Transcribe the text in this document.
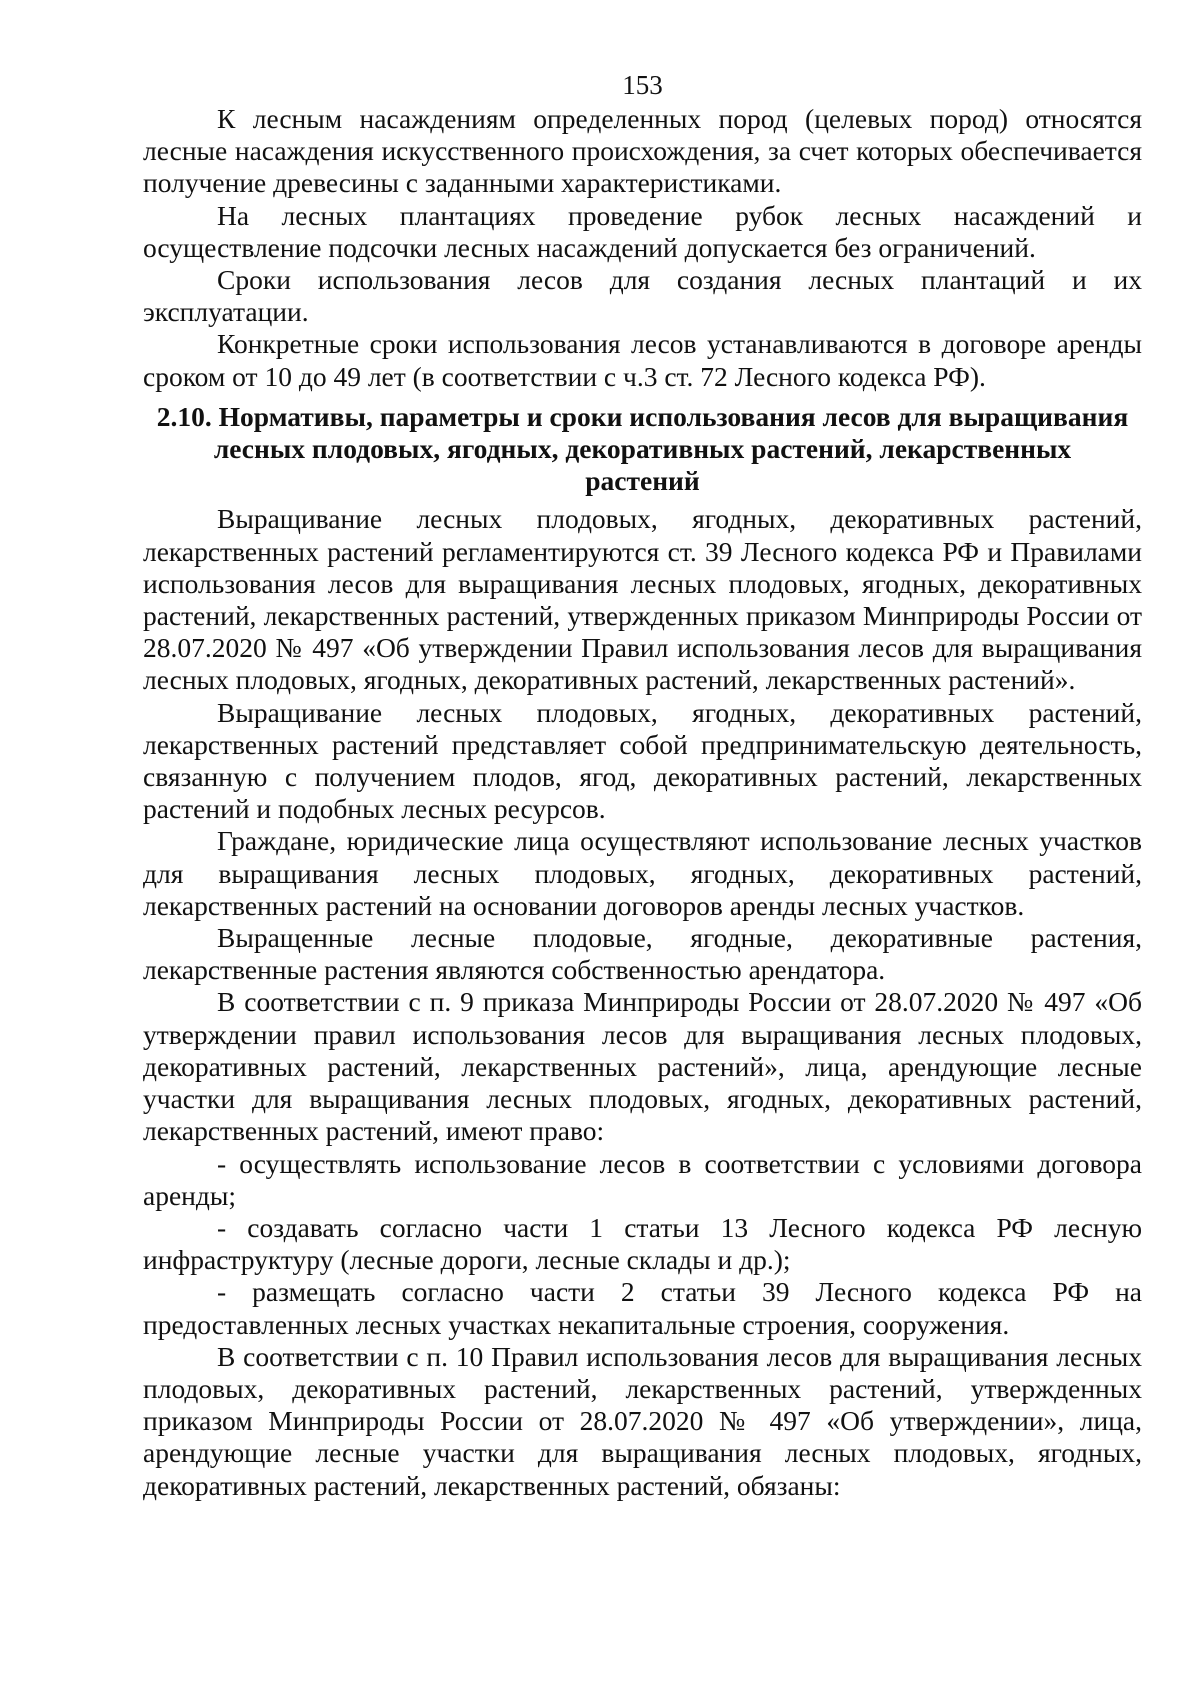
153

К лесным насаждениям определенных пород (целевых пород) относятся лесные насаждения искусственного происхождения, за счет которых обеспечивается получение древесины с заданными характеристиками.

На лесных плантациях проведение рубок лесных насаждений и осуществление подсочки лесных насаждений допускается без ограничений.

Сроки использования лесов для создания лесных плантаций и их эксплуатации.

Конкретные сроки использования лесов устанавливаются в договоре аренды сроком от 10 до 49 лет (в соответствии с ч.3 ст. 72 Лесного кодекса РФ).

2.10. Нормативы, параметры и сроки использования лесов для выращивания
лесных плодовых, ягодных, декоративных растений, лекарственных
растений

Выращивание лесных плодовых, ягодных, декоративных растений, лекарственных растений регламентируются ст. 39 Лесного кодекса РФ и Правилами использования лесов для выращивания лесных плодовых, ягодных, декоративных растений, лекарственных растений, утвержденных приказом Минприроды России от 28.07.2020 № 497 «Об утверждении Правил использования лесов для выращивания лесных плодовых, ягодных, декоративных растений, лекарственных растений».

Выращивание лесных плодовых, ягодных, декоративных растений, лекарственных растений представляет собой предпринимательскую деятельность, связанную с получением плодов, ягод, декоративных растений, лекарственных растений и подобных лесных ресурсов.

Граждане, юридические лица осуществляют использование лесных участков для выращивания лесных плодовых, ягодных, декоративных растений, лекарственных растений на основании договоров аренды лесных участков.

Выращенные лесные плодовые, ягодные, декоративные растения, лекарственные растения являются собственностью арендатора.

В соответствии с п. 9 приказа Минприроды России от 28.07.2020 № 497 «Об утверждении правил использования лесов для выращивания лесных плодовых, декоративных растений, лекарственных растений», лица, арендующие лесные участки для выращивания лесных плодовых, ягодных, декоративных растений, лекарственных растений, имеют право:

- осуществлять использование лесов в соответствии с условиями договора аренды;

- создавать согласно части 1 статьи 13 Лесного кодекса РФ лесную инфраструктуру (лесные дороги, лесные склады и др.);

- размещать согласно части 2 статьи 39 Лесного кодекса РФ на предоставленных лесных участках некапитальные строения, сооружения.

В соответствии с п. 10 Правил использования лесов для выращивания лесных плодовых, декоративных растений, лекарственных растений, утвержденных приказом Минприроды России от 28.07.2020 № 497 «Об утверждении», лица, арендующие лесные участки для выращивания лесных плодовых, ягодных, декоративных растений, лекарственных растений, обязаны:
